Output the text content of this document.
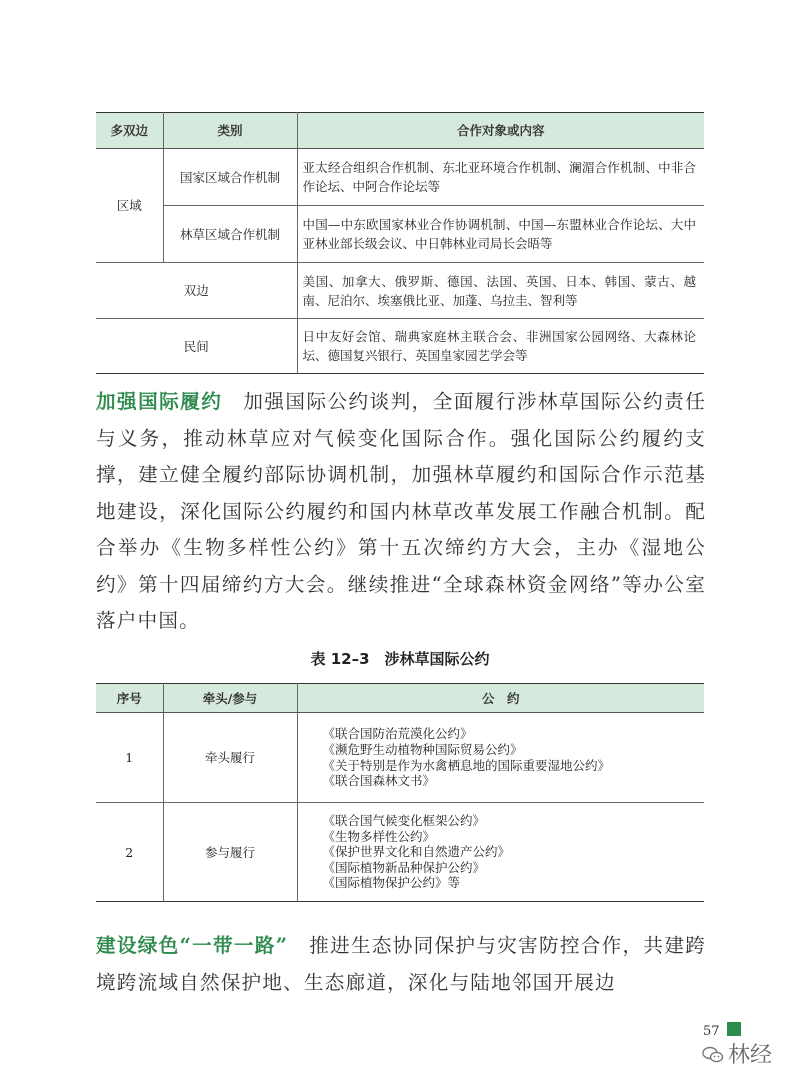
多双边	类别	合作对象或内容
区域	国家区域合作机制	亚太经合组织合作机制、东北亚环境合作机制、澜湄合作机制、中非合作论坛、中阿合作论坛等
	林草区域合作机制	中国—中东欧国家林业合作协调机制、中国—东盟林业合作论坛、大中亚林业部长级会议、中日韩林业司局长会晤等
双边		美国、加拿大、俄罗斯、德国、法国、英国、日本、韩国、蒙古、越南、尼泊尔、埃塞俄比亚、加蓬、乌拉圭、智利等
民间		日中友好会馆、瑞典家庭林主联合会、非洲国家公园网络、大森林论坛、德国复兴银行、英国皇家园艺学会等
加强国际履约　 加强国际公约谈判，全面履行涉林草国际公约责任与义务，推动林草应对气候变化国际合作。强化国际公约履约支撑，建立健全履约部际协调机制，加强林草履约和国际合作示范基地建设，深化国际公约履约和国内林草改革发展工作融合机制。配合举办《生物多样性公约》第十五次缔约方大会，主办《湿地公约》第十四届缔约方大会。继续推进“全球森林资金网络”等办公室落户中国。
表 12–3　涉林草国际公约
序号	牵头/参与	公　约
1	牵头履行	《联合国防治荒漠化公约》
《濒危野生动植物种国际贸易公约》
《关于特别是作为水禽栖息地的国际重要湿地公约》
《联合国森林文书》

2	参与履行	《联合国气候变化框架公约》
《生物多样性公约》
《保护世界文化和自然遗产公约》
《国际植物新品种保护公约》
《国际植物保护公约》等
建设绿色“一带一路”　 推进生态协同保护与灾害防控合作，共建跨境跨流域自然保护地、生态廊道，深化与陆地邻国开展边
57
林经
